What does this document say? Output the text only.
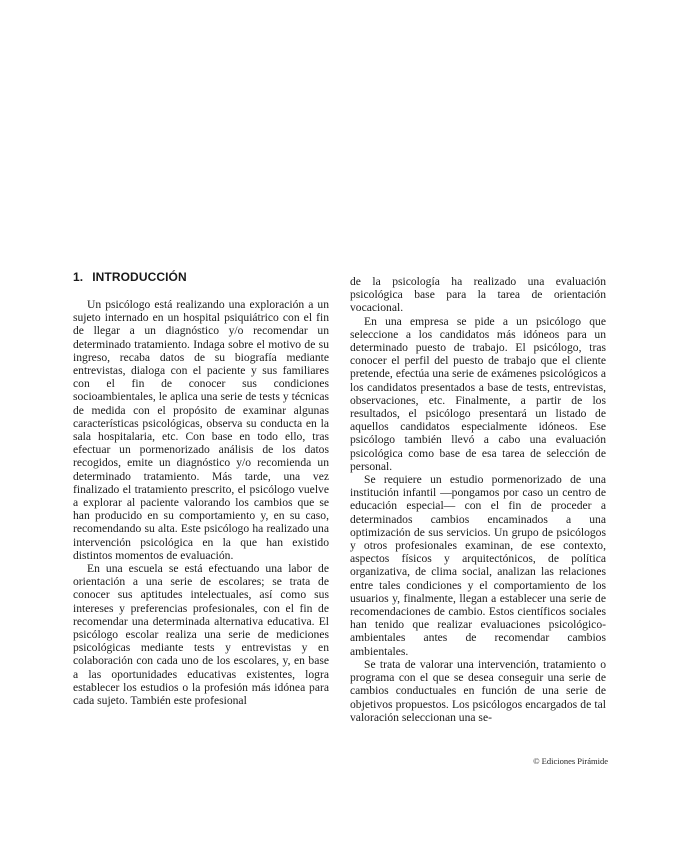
1. INTRODUCCIÓN

Un psicólogo está realizando una exploración a un sujeto internado en un hospital psiquiátrico con el fin de llegar a un diagnóstico y/o recomendar un determinado tratamiento. Indaga sobre el motivo de su ingreso, recaba datos de su biografía mediante entrevistas, dialoga con el paciente y sus familiares con el fin de conocer sus condiciones socioambientales, le aplica una serie de tests y técnicas de medida con el propósito de examinar algunas características psicológicas, observa su conducta en la sala hospitalaria, etc. Con base en todo ello, tras efectuar un pormenorizado análisis de los datos recogidos, emite un diagnóstico y/o recomienda un determinado tratamiento. Más tarde, una vez finalizado el tratamiento prescrito, el psicólogo vuelve a explorar al paciente valorando los cambios que se han producido en su comportamiento y, en su caso, recomendando su alta. Este psicólogo ha realizado una intervención psicológica en la que han existido distintos momentos de evaluación.

En una escuela se está efectuando una labor de orientación a una serie de escolares; se trata de conocer sus aptitudes intelectuales, así como sus intereses y preferencias profesionales, con el fin de recomendar una determinada alternativa educativa. El psicólogo escolar realiza una serie de mediciones psicológicas mediante tests y entrevistas y en colaboración con cada uno de los escolares, y, en base a las oportunidades educativas existentes, logra establecer los estudios o la profesión más idónea para cada sujeto. También este profesional

de la psicología ha realizado una evaluación psicológica base para la tarea de orientación vocacional.

En una empresa se pide a un psicólogo que seleccione a los candidatos más idóneos para un determinado puesto de trabajo. El psicólogo, tras conocer el perfil del puesto de trabajo que el cliente pretende, efectúa una serie de exámenes psicológicos a los candidatos presentados a base de tests, entrevistas, observaciones, etc. Finalmente, a partir de los resultados, el psicólogo presentará un listado de aquellos candidatos especialmente idóneos. Ese psicólogo también llevó a cabo una evaluación psicológica como base de esa tarea de selección de personal.

Se requiere un estudio pormenorizado de una institución infantil —pongamos por caso un centro de educación especial— con el fin de proceder a determinados cambios encaminados a una optimización de sus servicios. Un grupo de psicólogos y otros profesionales examinan, de ese contexto, aspectos físicos y arquitectónicos, de política organizativa, de clima social, analizan las relaciones entre tales condiciones y el comportamiento de los usuarios y, finalmente, llegan a establecer una serie de recomendaciones de cambio. Estos científicos sociales han tenido que realizar evaluaciones psicológico-ambientales antes de recomendar cambios ambientales.

Se trata de valorar una intervención, tratamiento o programa con el que se desea conseguir una serie de cambios conductuales en función de una serie de objetivos propuestos. Los psicólogos encargados de tal valoración seleccionan una se-

© Ediciones Pirámide
